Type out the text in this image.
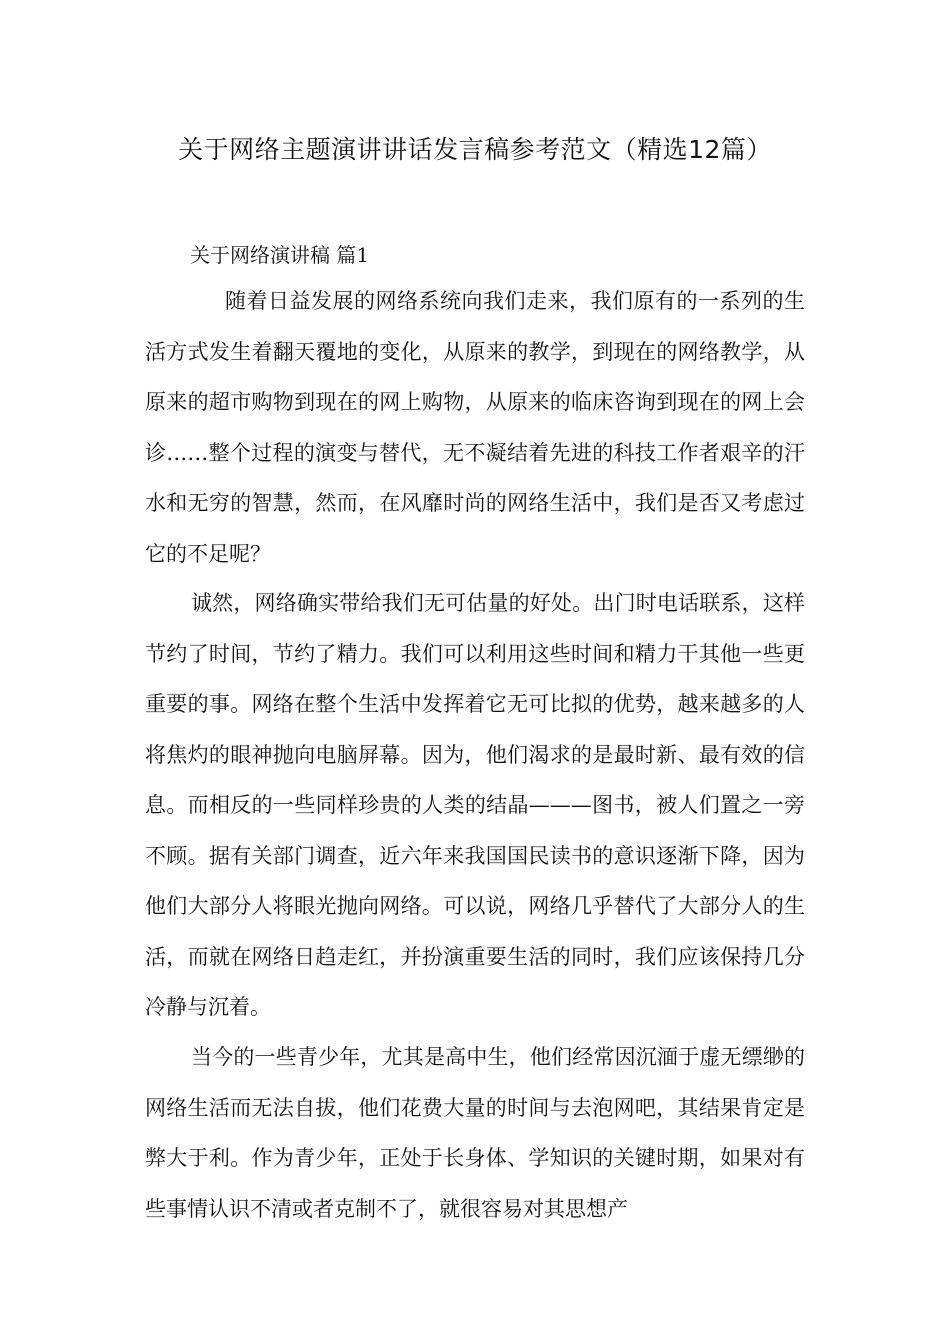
关于网络主题演讲讲话发言稿参考范文（精选12篇）
关于网络演讲稿 篇1

随着日益发展的网络系统向我们走来，我们原有的一系列的生活方式发生着翻天覆地的变化，从原来的教学，到现在的网络教学，从原来的超市购物到现在的网上购物，从原来的临床咨询到现在的网上会诊……整个过程的演变与替代，无不凝结着先进的科技工作者艰辛的汗水和无穷的智慧，然而，在风靡时尚的网络生活中，我们是否又考虑过它的不足呢？

诚然，网络确实带给我们无可估量的好处。出门时电话联系，这样节约了时间，节约了精力。我们可以利用这些时间和精力干其他一些更重要的事。网络在整个生活中发挥着它无可比拟的优势，越来越多的人将焦灼的眼神抛向电脑屏幕。因为，他们渴求的是最时新、最有效的信息。而相反的一些同样珍贵的人类的结晶———图书，被人们置之一旁不顾。据有关部门调查，近六年来我国国民读书的意识逐渐下降，因为他们大部分人将眼光抛向网络。可以说，网络几乎替代了大部分人的生活，而就在网络日趋走红，并扮演重要生活的同时，我们应该保持几分冷静与沉着。

当今的一些青少年，尤其是高中生，他们经常因沉湎于虚无缥缈的网络生活而无法自拔，他们花费大量的时间与去泡网吧，其结果肯定是弊大于利。作为青少年，正处于长身体、学知识的关键时期，如果对有些事情认识不清或者克制不了，就很容易对其思想产
